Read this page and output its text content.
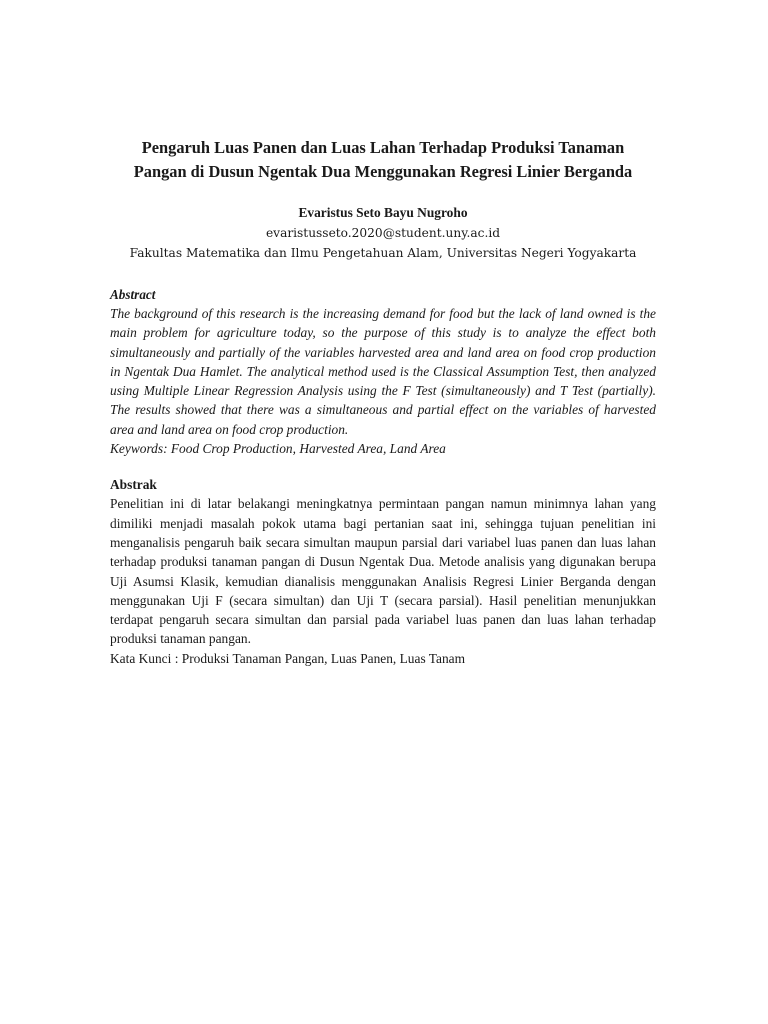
Pengaruh Luas Panen dan Luas Lahan Terhadap Produksi Tanaman Pangan di Dusun Ngentak Dua Menggunakan Regresi Linier Berganda
Evaristus Seto Bayu Nugroho
evaristusseto.2020@student.uny.ac.id
Fakultas Matematika dan Ilmu Pengetahuan Alam, Universitas Negeri Yogyakarta
Abstract

The background of this research is the increasing demand for food but the lack of land owned is the main problem for agriculture today, so the purpose of this study is to analyze the effect both simultaneously and partially of the variables harvested area and land area on food crop production in Ngentak Dua Hamlet. The analytical method used is the Classical Assumption Test, then analyzed using Multiple Linear Regression Analysis using the F Test (simultaneously) and T Test (partially). The results showed that there was a simultaneous and partial effect on the variables of harvested area and land area on food crop production.

Keywords: Food Crop Production, Harvested Area, Land Area

Abstrak

Penelitian ini di latar belakangi meningkatnya permintaan pangan namun minimnya lahan yang dimiliki menjadi masalah pokok utama bagi pertanian saat ini, sehingga tujuan penelitian ini menganalisis pengaruh baik secara simultan maupun parsial dari variabel luas panen dan luas lahan terhadap produksi tanaman pangan di Dusun Ngentak Dua. Metode analisis yang digunakan berupa Uji Asumsi Klasik, kemudian dianalisis menggunakan Analisis Regresi Linier Berganda dengan menggunakan Uji F (secara simultan) dan Uji T (secara parsial). Hasil penelitian menunjukkan terdapat pengaruh secara simultan dan parsial pada variabel luas panen dan luas lahan terhadap produksi tanaman pangan.

Kata Kunci : Produksi Tanaman Pangan, Luas Panen, Luas Tanam
